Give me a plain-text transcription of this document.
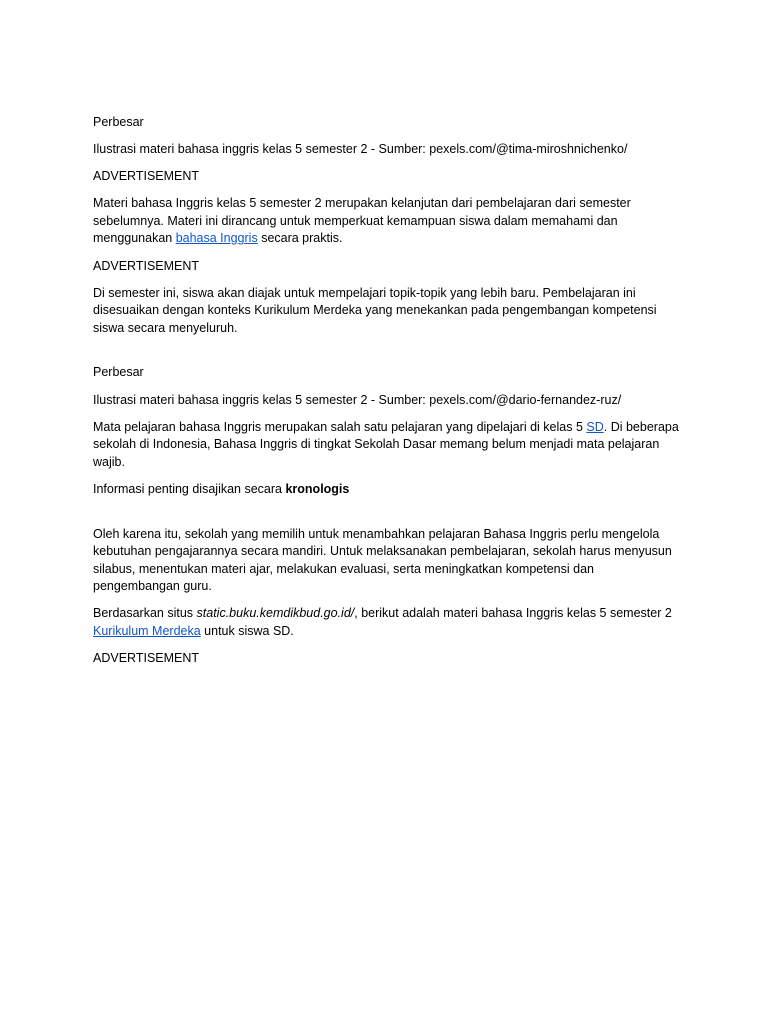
Perbesar

Ilustrasi materi bahasa inggris kelas 5 semester 2 - Sumber: pexels.com/@tima-miroshnichenko/

ADVERTISEMENT

Materi bahasa Inggris kelas 5 semester 2 merupakan kelanjutan dari pembelajaran dari semester sebelumnya. Materi ini dirancang untuk memperkuat kemampuan siswa dalam memahami dan menggunakan bahasa Inggris secara praktis.

ADVERTISEMENT

Di semester ini, siswa akan diajak untuk mempelajari topik-topik yang lebih baru. Pembelajaran ini disesuaikan dengan konteks Kurikulum Merdeka yang menekankan pada pengembangan kompetensi siswa secara menyeluruh.

Perbesar

Ilustrasi materi bahasa inggris kelas 5 semester 2 - Sumber: pexels.com/@dario-fernandez-ruz/

Mata pelajaran bahasa Inggris merupakan salah satu pelajaran yang dipelajari di kelas 5 SD. Di beberapa sekolah di Indonesia, Bahasa Inggris di tingkat Sekolah Dasar memang belum menjadi mata pelajaran wajib.

Informasi penting disajikan secara kronologis

Oleh karena itu, sekolah yang memilih untuk menambahkan pelajaran Bahasa Inggris perlu mengelola kebutuhan pengajarannya secara mandiri. Untuk melaksanakan pembelajaran, sekolah harus menyusun silabus, menentukan materi ajar, melakukan evaluasi, serta meningkatkan kompetensi dan pengembangan guru.

Berdasarkan situs static.buku.kemdikbud.go.id/, berikut adalah materi bahasa Inggris kelas 5 semester 2 Kurikulum Merdeka untuk siswa SD.

ADVERTISEMENT
